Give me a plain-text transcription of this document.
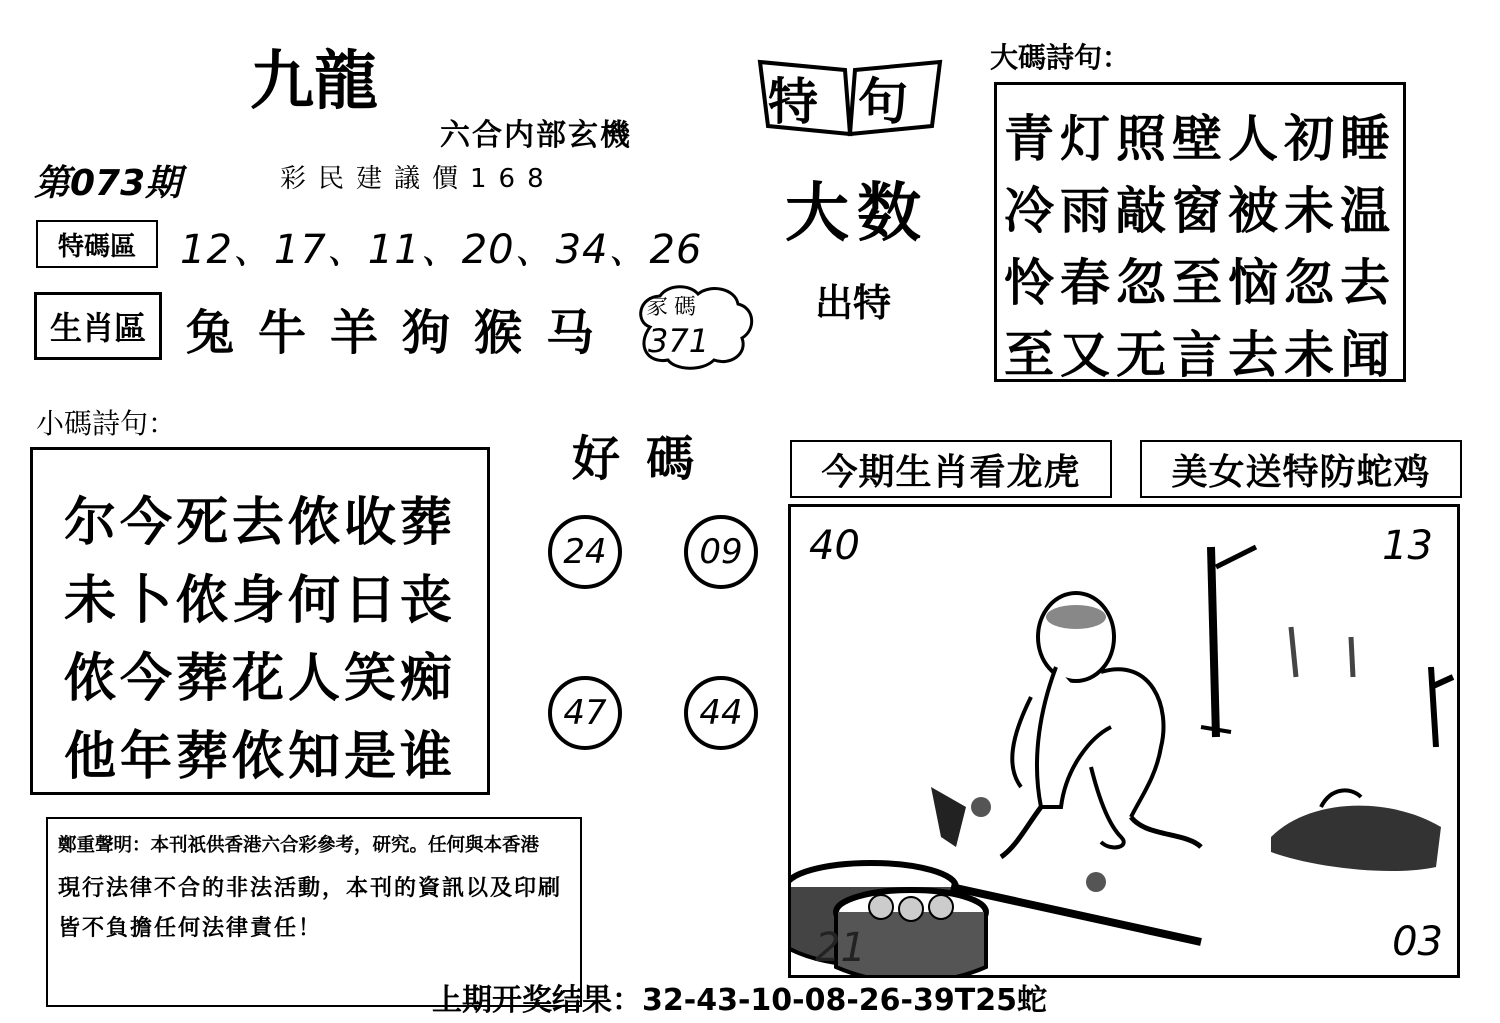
九龍
六合内部玄機
第073期	彩民建議價168
特碼區 12、17、11、20、34、26
生肖區 兔牛羊狗猴马 家碼
371
特句
大数
出特
大碼詩句：
青灯照壁人初睡
冷雨敲窗被未温
怜春忽至恼忽去
至又无言去未闻
小碼詩句：
尔今死去侬收葬
未卜侬身何日丧
侬今葬花人笑痴
他年葬侬知是谁
好碼
24	09
47	44
今期生肖看龙虎	美女送特防蛇鸡
40	13
21	03
鄭重聲明：本刊祇供香港六合彩參考，研究。任何與本香港
現行法律不合的非法活動，本刊的資訊以及印刷
皆不負擔任何法律責任！
上期开奖结果：32-43-10-08-26-39T25蛇
